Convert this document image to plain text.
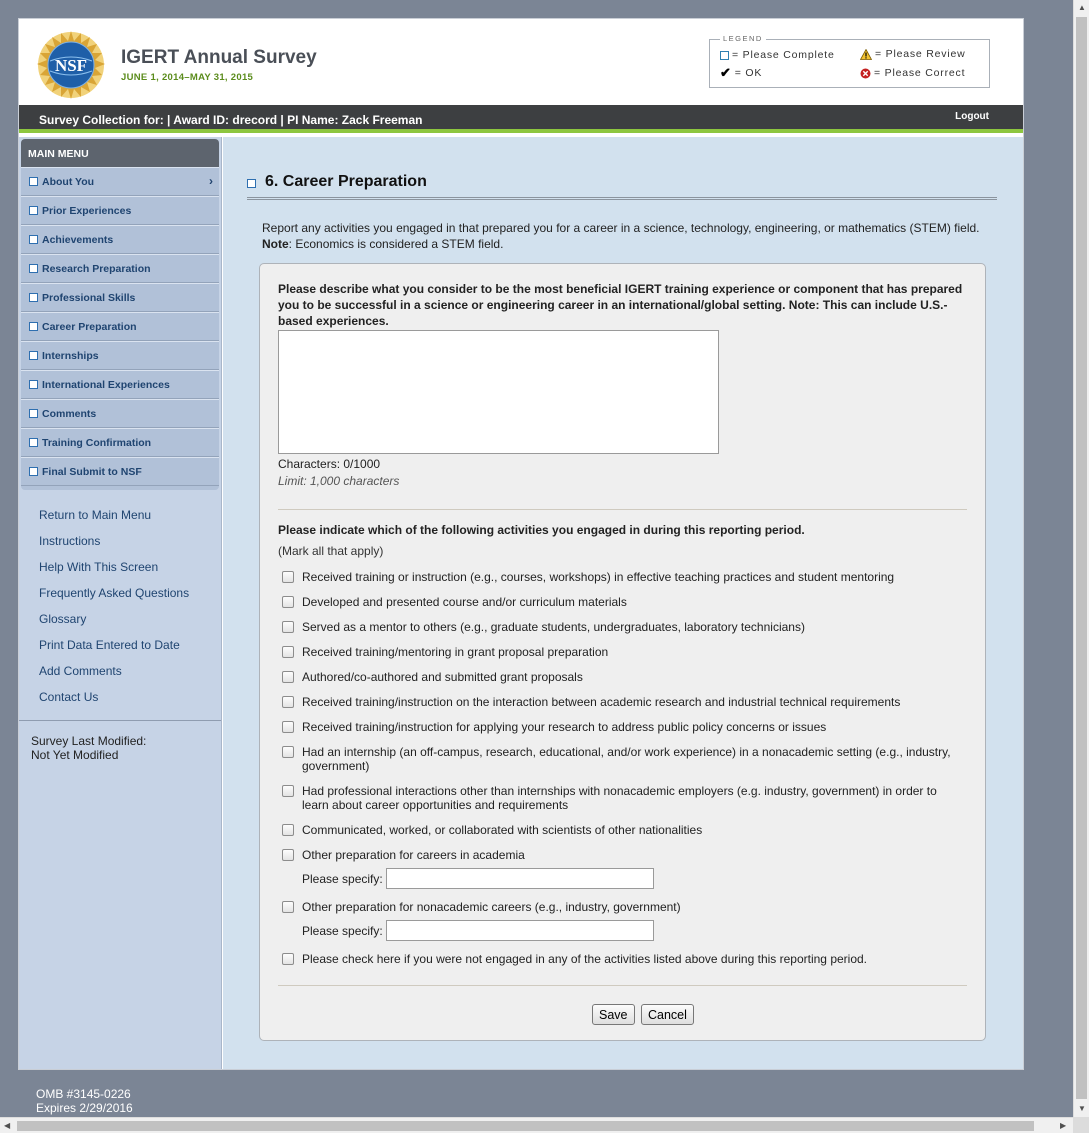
NSF IGERT Annual Survey
JUNE 1, 2014–MAY 31, 2015
LEGEND
= Please Complete
✔ = OK
= Please Review
= Please Correct
Survey Collection for: | Award ID: drecord | PI Name: Zack Freeman	Logout
MAIN MENU
About You	›
Prior Experiences
Achievements
Research Preparation
Professional Skills
Career Preparation
Internships
International Experiences
Comments
Training Confirmation
Final Submit to NSF
Return to Main Menu
Instructions
Help With This Screen
Frequently Asked Questions
Glossary
Print Data Entered to Date
Add Comments
Contact Us
Survey Last Modified:
Not Yet Modified
6. Career Preparation
Report any activities you engaged in that prepared you for a career in a science, technology, engineering, or mathematics (STEM) field. Note: Economics is considered a STEM field.
Please describe what you consider to be the most beneficial IGERT training experience or component that has prepared you to be successful in a science or engineering career in an international/global setting. Note: This can include U.S.-based experiences.
Characters: 0/1000
Limit: 1,000 characters
Please indicate which of the following activities you engaged in during this reporting period.
(Mark all that apply)
Received training or instruction (e.g., courses, workshops) in effective teaching practices and student mentoring
Developed and presented course and/or curriculum materials
Served as a mentor to others (e.g., graduate students, undergraduates, laboratory technicians)
Received training/mentoring in grant proposal preparation
Authored/co-authored and submitted grant proposals
Received training/instruction on the interaction between academic research and industrial technical requirements
Received training/instruction for applying your research to address public policy concerns or issues
Had an internship (an off-campus, research, educational, and/or work experience) in a nonacademic setting (e.g., industry, government)
Had professional interactions other than internships with nonacademic employers (e.g. industry, government) in order to learn about career opportunities and requirements
Communicated, worked, or collaborated with scientists of other nationalities
Other preparation for careers in academia
Please specify:
Other preparation for nonacademic careers (e.g., industry, government)
Please specify:
Please check here if you were not engaged in any of the activities listed above during this reporting period.
Save	Cancel
OMB #3145-0226
Expires 2/29/2016
▲
▼
◀	▶
